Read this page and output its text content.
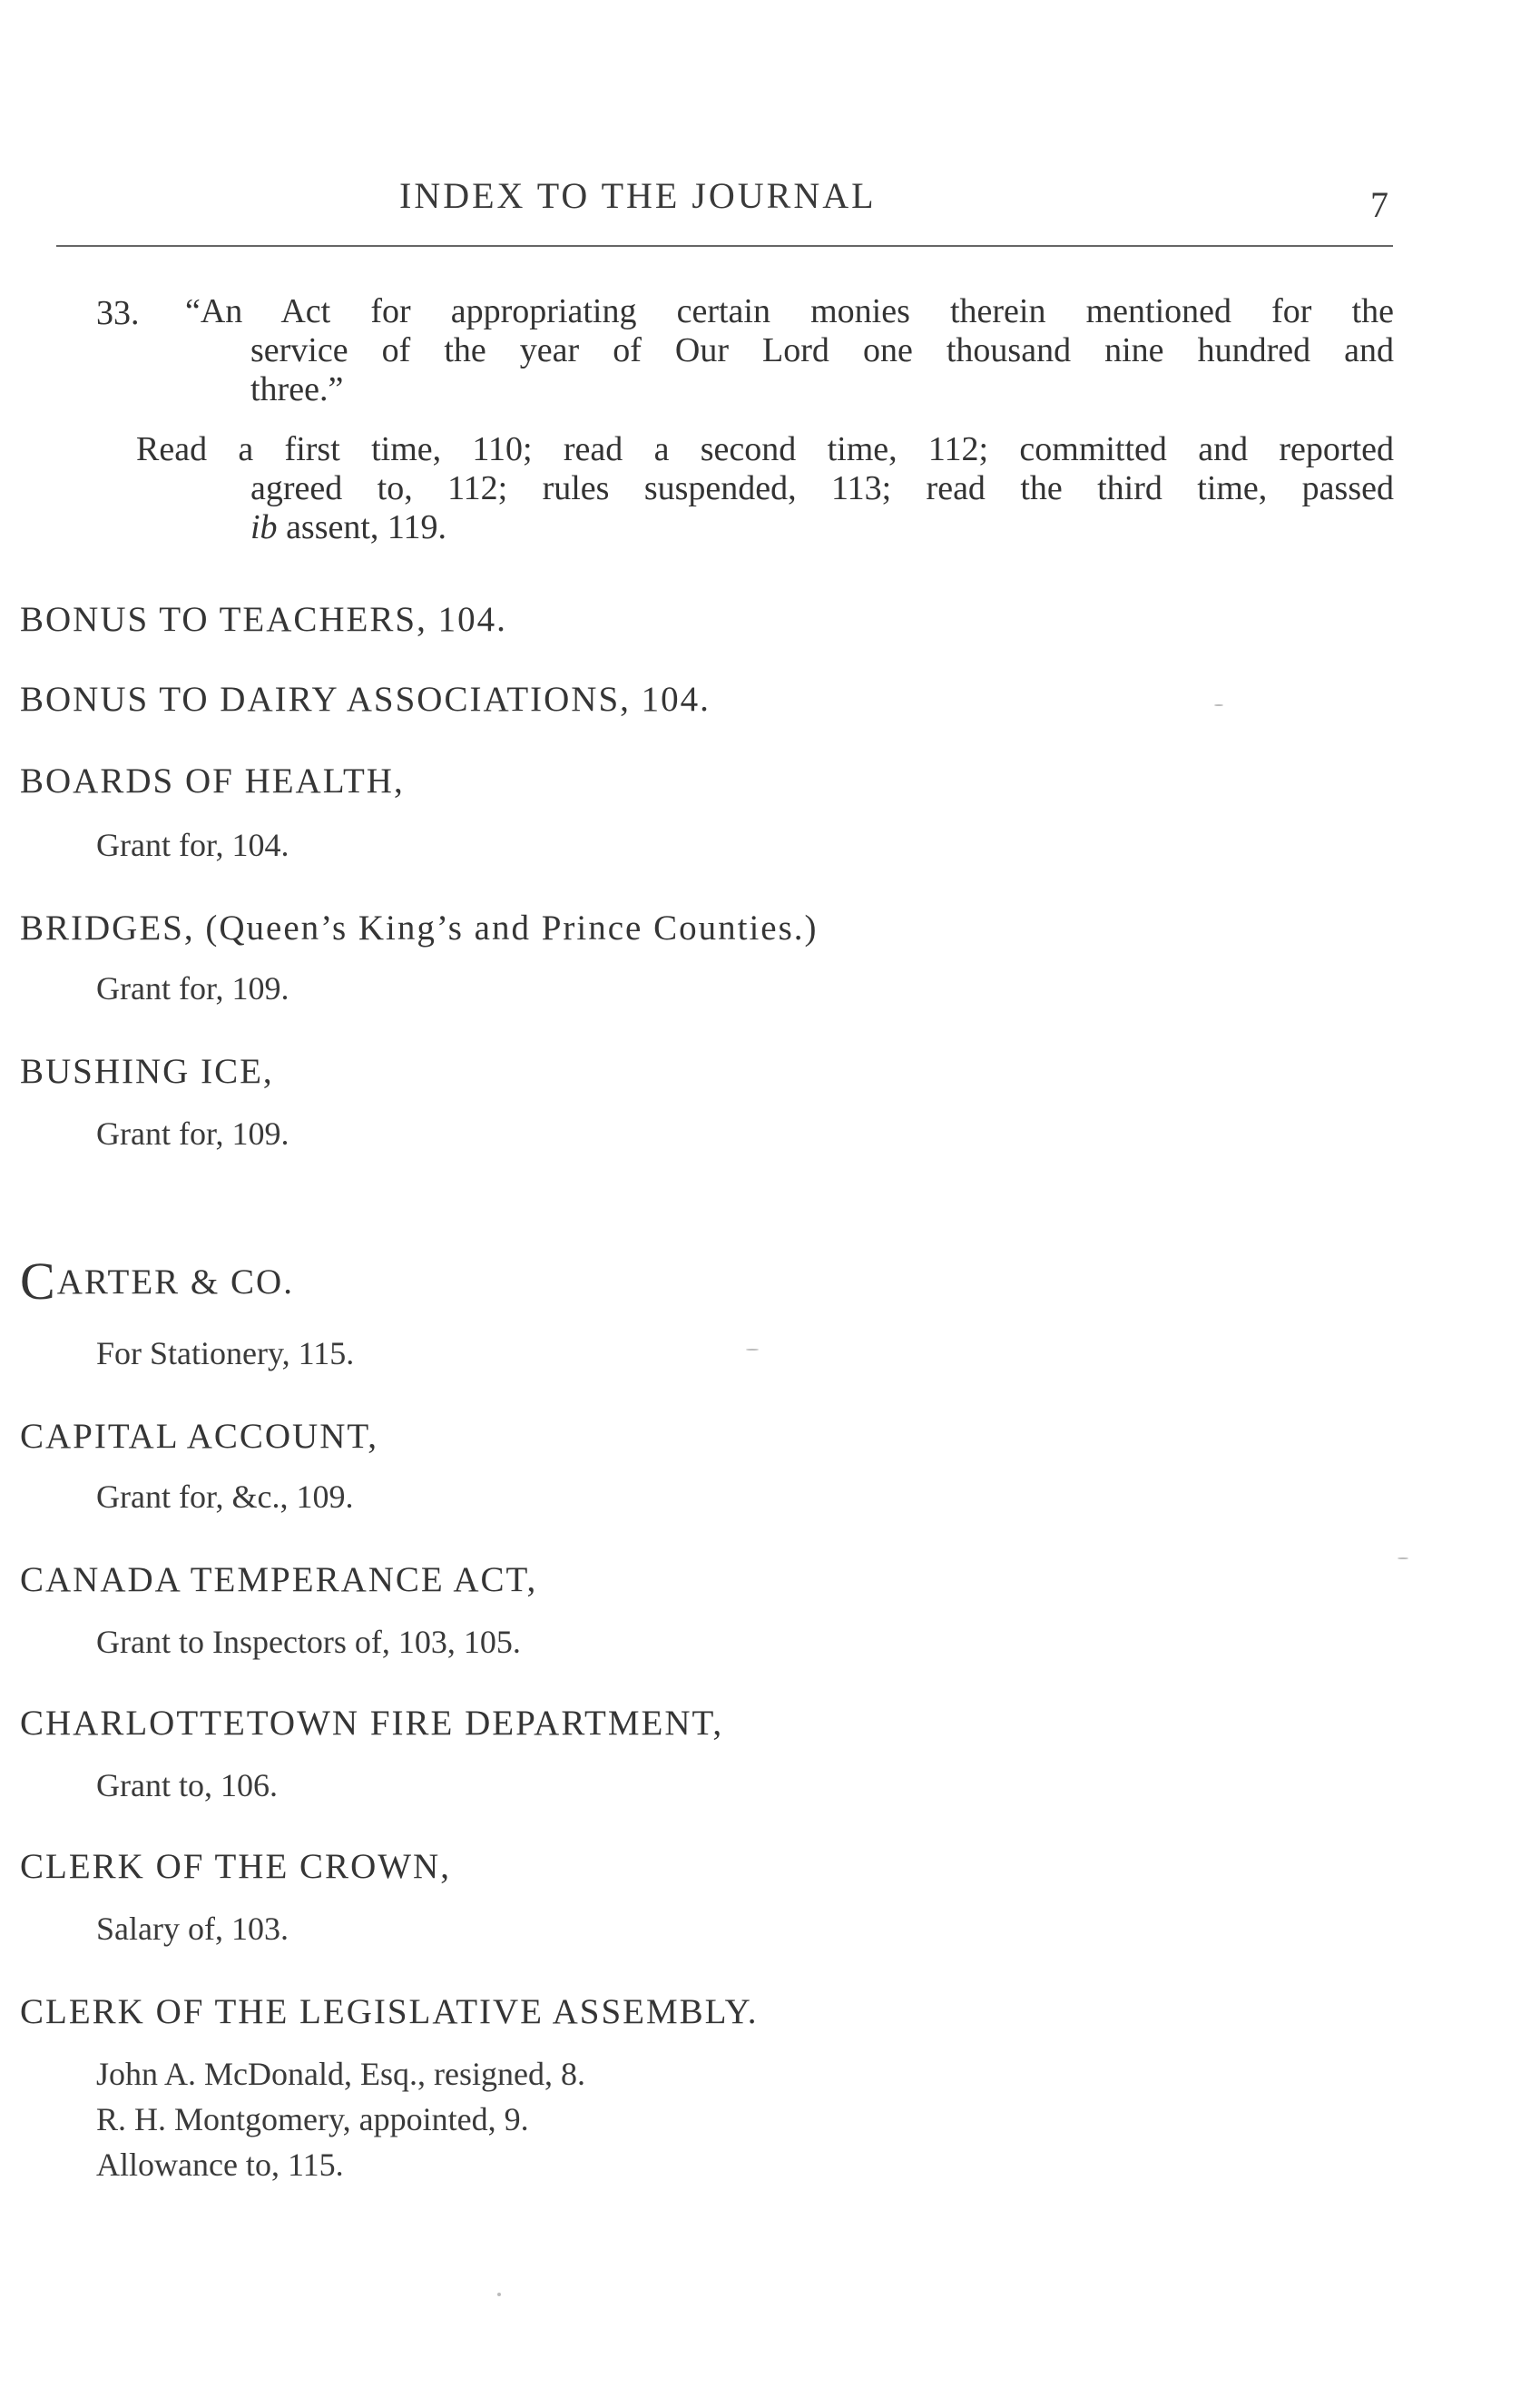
INDEX TO THE JOURNAL	7
33. “An Act for appropriating certain monies therein mentioned for the
service of the year of Our Lord one thousand nine hundred and
three.”
Read a first time, 110; read a second time, 112; committed and reported
agreed to, 112; rules suspended, 113; read the third time, passed
ib assent, 119.
BONUS TO TEACHERS, 104.
BONUS TO DAIRY ASSOCIATIONS, 104.
BOARDS OF HEALTH,
Grant for, 104.
BRIDGES, (Queen’s King’s and Prince Counties.)
Grant for, 109.
BUSHING ICE,
Grant for, 109.
CARTER & CO.
For Stationery, 115.
CAPITAL ACCOUNT,
Grant for, &c., 109.
CANADA TEMPERANCE ACT,
Grant to Inspectors of, 103, 105.
CHARLOTTETOWN FIRE DEPARTMENT,
Grant to, 106.
CLERK OF THE CROWN,
Salary of, 103.
CLERK OF THE LEGISLATIVE ASSEMBLY.
John A. McDonald, Esq., resigned, 8.
R. H. Montgomery, appointed, 9.
Allowance to, 115.
